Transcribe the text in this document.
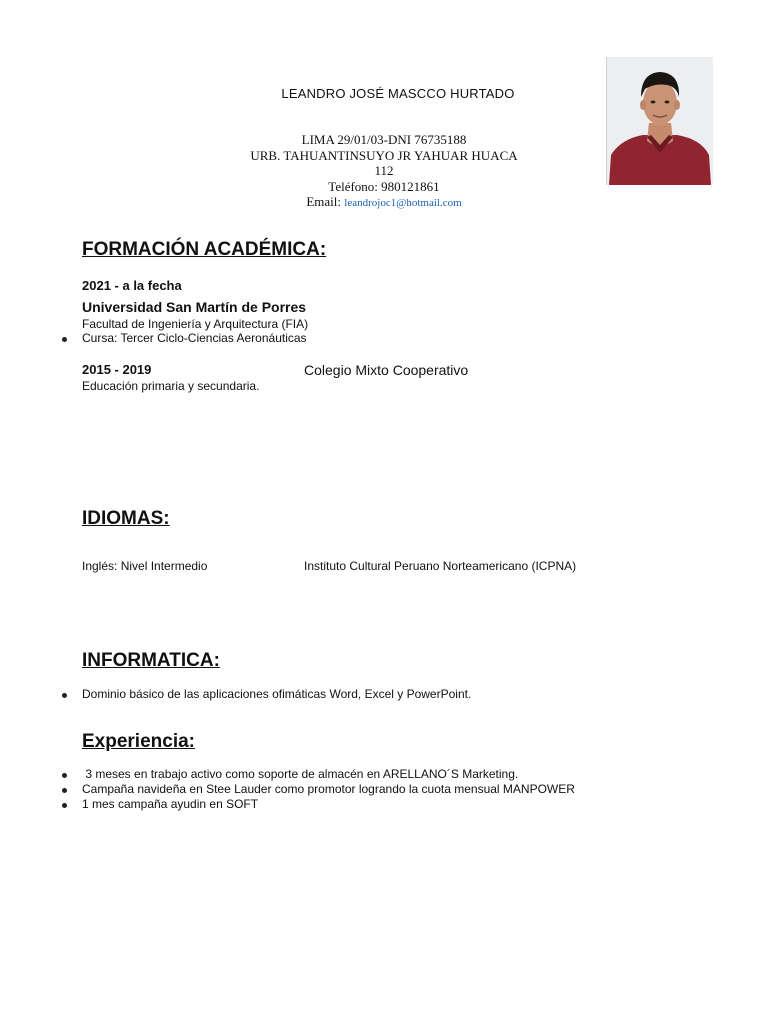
LEANDRO JOSÉ MASCCO HURTADO
LIMA 29/01/03-DNI 76735188
URB. TAHUANTINSUYO JR YAHUAR HUACA
112
Teléfono: 980121861
Email: leandrojoc1@hotmail.com
FORMACIÓN ACADÉMICA:
2021 - a la fecha
Universidad San Martín de Porres
Facultad de Ingeniería y Arquitectura (FIA)
Cursa: Tercer Ciclo-Ciencias Aeronáuticas
2015 - 2019	Colegio Mixto Cooperativo
Educación primaria y secundaria.
IDIOMAS:
Inglés: Nivel Intermedio	Instituto Cultural Peruano Norteamericano (ICPNA)
INFORMATICA:
Dominio básico de las aplicaciones ofimáticas Word, Excel y PowerPoint.
Experiencia:
3 meses en trabajo activo como soporte de almacén en ARELLANO´S Marketing.
Campaña navideña en Stee Lauder como promotor logrando la cuota mensual MANPOWER
1 mes campaña ayudin en SOFT
